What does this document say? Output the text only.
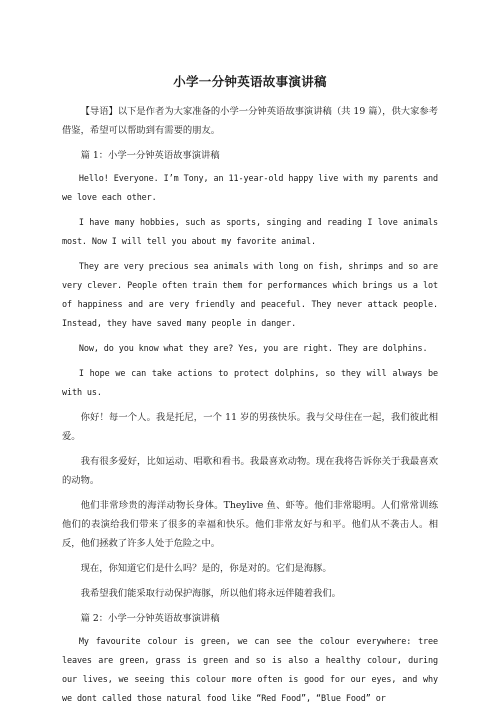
小学一分钟英语故事演讲稿

【导语】以下是作者为大家准备的小学一分钟英语故事演讲稿（共 19 篇），供大家参考借鉴，希望可以帮助到有需要的朋友。

篇 1：小学一分钟英语故事演讲稿

Hello! Everyone. I’m Tony, an 11-year-old happy live with my parents and we love each other.

I have many hobbies, such as sports, singing and reading I love animals most. Now I will tell you about my favorite animal.

They are very precious sea animals with long on fish, shrimps and so are very clever. People often train them for performances which brings us a lot of happiness and are very friendly and peaceful. They never attack people. Instead, they have saved many people in danger.

Now, do you know what they are? Yes, you are right. They are dolphins.

I hope we can take actions to protect dolphins, so they will always be with us.

你好！每一个人。我是托尼，一个 11 岁的男孩快乐。我与父母住在一起，我们彼此相爱。

我有很多爱好，比如运动、唱歌和看书。我最喜欢动物。现在我将告诉你关于我最喜欢的动物。

他们非常珍贵的海洋动物长身体。Theylive 鱼、虾等。他们非常聪明。人们常常训练他们的表演给我们带来了很多的幸福和快乐。他们非常友好与和平。他们从不袭击人。相反，他们拯救了许多人处于危险之中。

现在，你知道它们是什么吗？是的，你是对的。它们是海豚。

我希望我们能采取行动保护海豚，所以他们将永远伴随着我们。

篇 2：小学一分钟英语故事演讲稿

My favourite colour is green, we can see the colour everywhere: tree leaves are green, grass is green and so is also a healthy colour, during our lives, we seeing this colour more often is good for our eyes, and why we dont called those natural food like “Red Food”, “Blue Food” or
